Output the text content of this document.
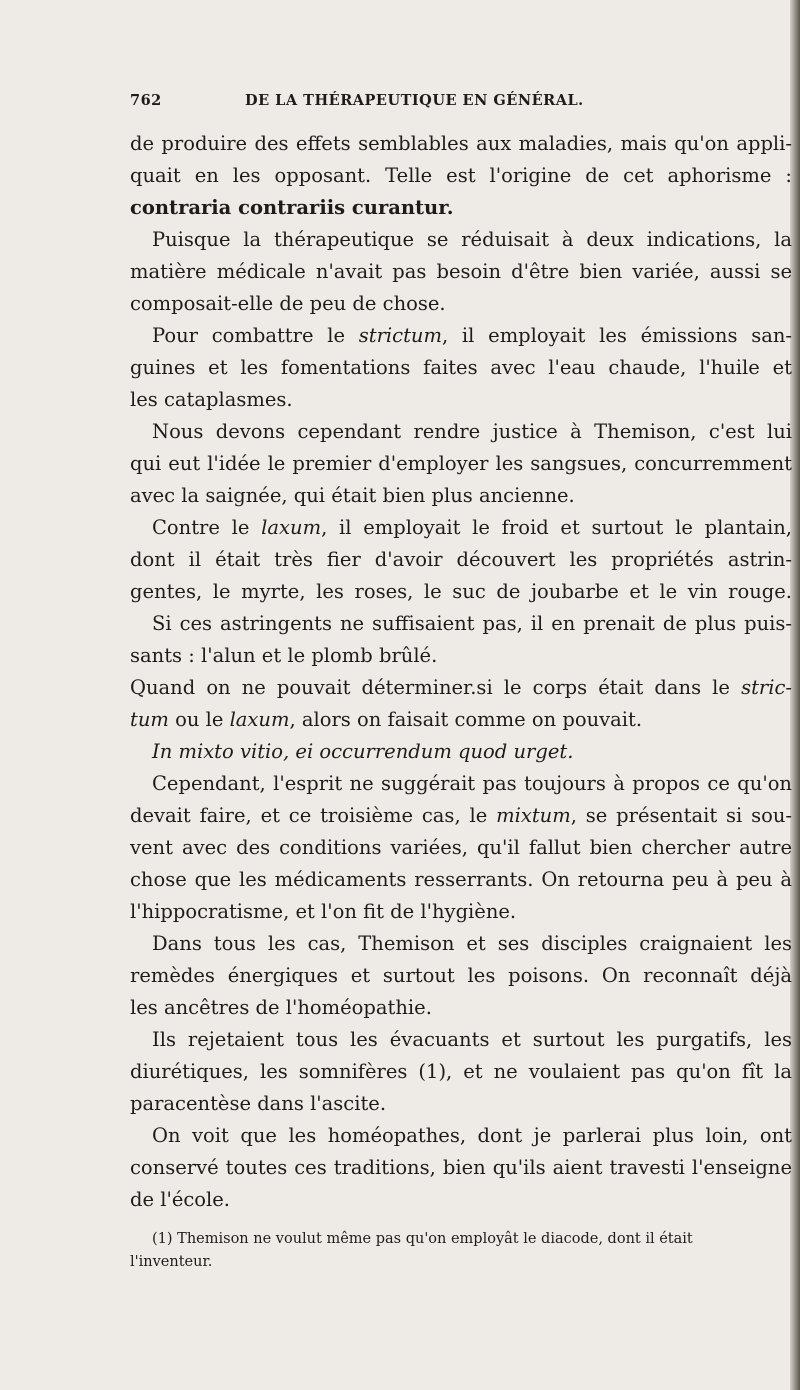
762	DE LA THÉRAPEUTIQUE EN GÉNÉRAL.
de produire des effets semblables aux maladies, mais qu'on appli-
quait en les opposant. Telle est l'origine de cet aphorisme :
contraria contrariis curantur.
Puisque la thérapeutique se réduisait à deux indications, la
matière médicale n'avait pas besoin d'être bien variée, aussi se
composait-elle de peu de chose.
Pour combattre le strictum, il employait les émissions san-
guines et les fomentations faites avec l'eau chaude, l'huile et
les cataplasmes.
Nous devons cependant rendre justice à Themison, c'est lui
qui eut l'idée le premier d'employer les sangsues, concurremment
avec la saignée, qui était bien plus ancienne.
Contre le laxum, il employait le froid et surtout le plantain,
dont il était très fier d'avoir découvert les propriétés astrin-
gentes, le myrte, les roses, le suc de joubarbe et le vin rouge.
Si ces astringents ne suffisaient pas, il en prenait de plus puis-
sants : l'alun et le plomb brûlé.
Quand on ne pouvait déterminer.si le corps était dans le stric-
tum ou le laxum, alors on faisait comme on pouvait.
In mixto vitio, ei occurrendum quod urget.
Cependant, l'esprit ne suggérait pas toujours à propos ce qu'on
devait faire, et ce troisième cas, le mixtum, se présentait si sou-
vent avec des conditions variées, qu'il fallut bien chercher autre
chose que les médicaments resserrants. On retourna peu à peu à
l'hippocratisme, et l'on fit de l'hygiène.
Dans tous les cas, Themison et ses disciples craignaient les
remèdes énergiques et surtout les poisons. On reconnaît déjà
les ancêtres de l'homéopathie.
Ils rejetaient tous les évacuants et surtout les purgatifs, les
diurétiques, les somnifères (1), et ne voulaient pas qu'on fît la
paracentèse dans l'ascite.
On voit que les homéopathes, dont je parlerai plus loin, ont
conservé toutes ces traditions, bien qu'ils aient travesti l'enseigne
de l'école.
(1) Themison ne voulut même pas qu'on employât le diacode, dont il était
l'inventeur.
